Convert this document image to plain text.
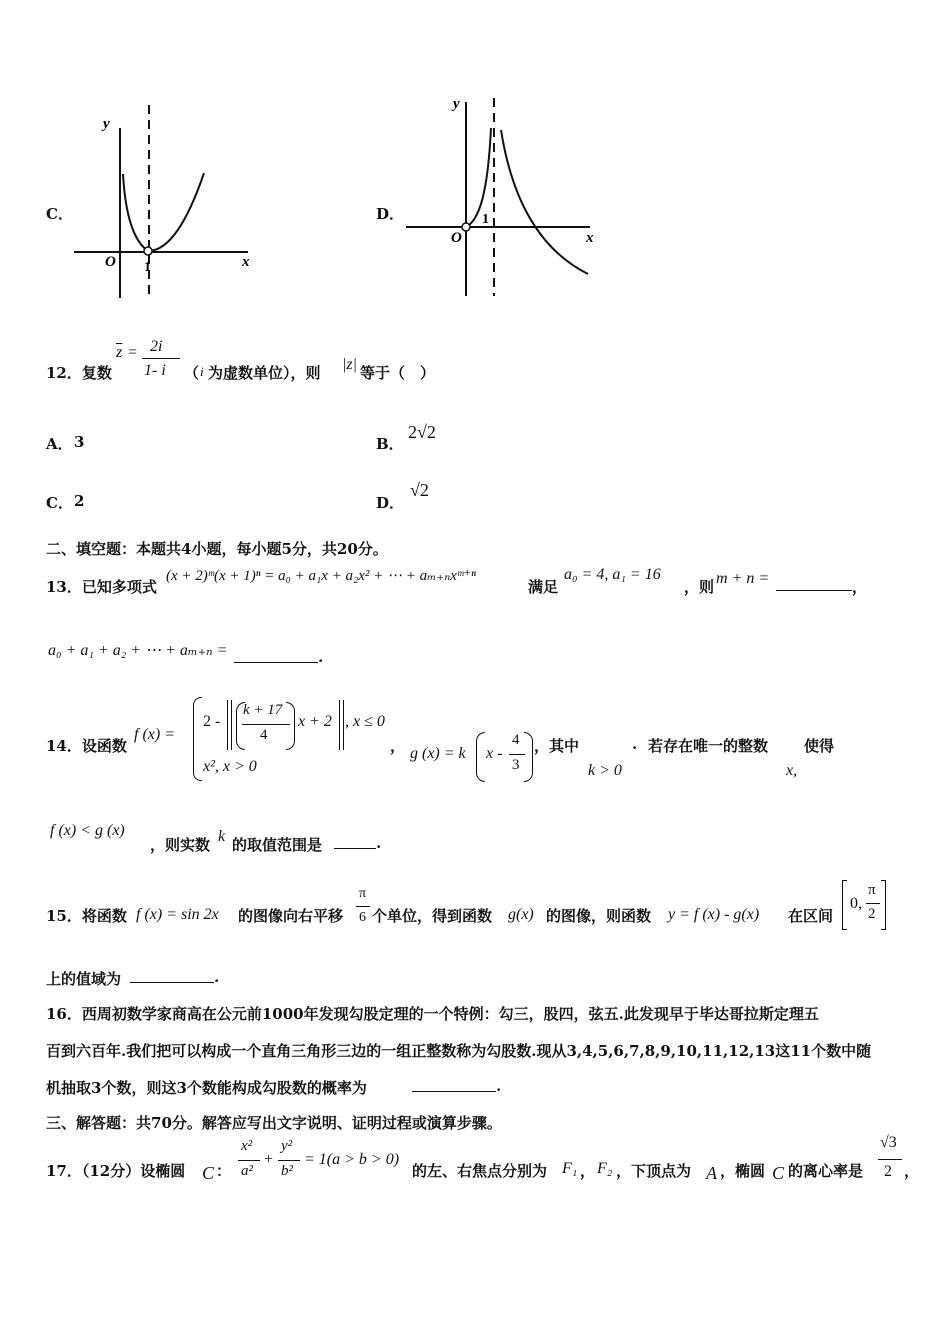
C．
y
x
O 1
D．
y
x
O
1
12．复数
$\overline{z} = 2i$
1- i （ i 为虚数单位），则 |z| 等于（　）
A． 3	B．
2√2
C． 2	D．
√2
二、填空题：本题共4小题，每小题5分，共20分。
13．已知多项式
(x + 2)ᵐ(x + 1)ⁿ = a₀ + a₁x + a₂x² + ⋯ + aₘ₊ₙxᵐ⁺ⁿ
满足
a₀ = 4, a₁ = 16
，则 m + n =	，
a₀ + a₁ + a₂ + ⋯ + aₘ₊ₙ =	.
14．设函数
f (x) =
2 -
k + 17
4
x + 2 , x ≤ 0
x², x > 0
， g (x) = k x -
4
3
，其中
k > 0
. 若存在唯一的整数
x,
使得
f (x) < g (x)
，则实数 k 的取值范围是	.
15．将函数 f (x) = sin 2x 的图像向右平移
π
6 个单位，得到函数 g(x) 的图像，则函数 y = f (x) - g(x) 在区间
0,
π
2
上的值域为	.
16．西周初数学家商高在公元前1000年发现勾股定理的一个特例：勾三，股四，弦五.此发现早于毕达哥拉斯定理五
百到六百年.我们把可以构成一个直角三角形三边的一组正整数称为勾股数.现从3,4,5,6,7,8,9,10,11,12,13这11个数中随
机抽取3个数，则这3个数能构成勾股数的概率为	.
三、解答题：共70分。解答应写出文字说明、证明过程或演算步骤。
17．（12分）设椭圆 C ：
x²
a²
+
y²
b²
= 1(a > b > 0)
的左、右焦点分别为 F₁ ， F₂ ，下顶点为 A ，椭圆 C 的离心率是
√3
2 ，
